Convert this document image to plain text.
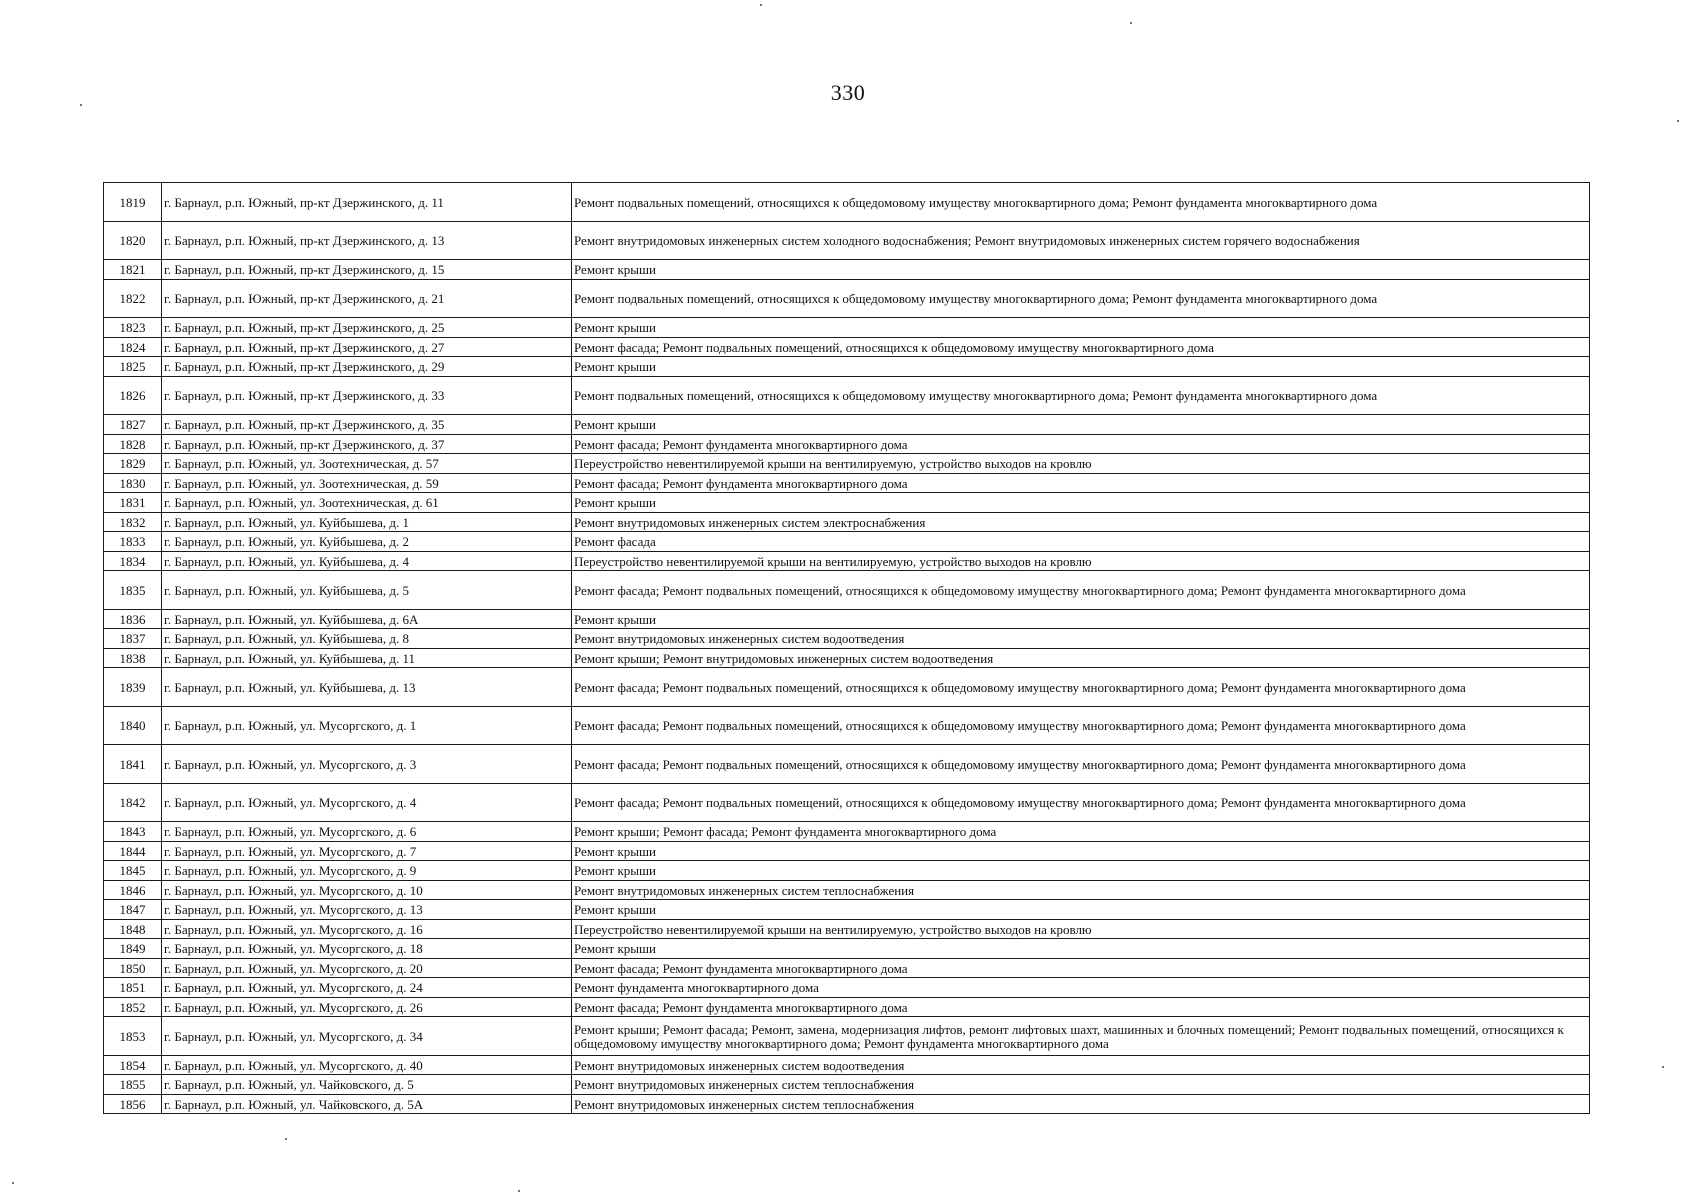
330
1819	г. Барнаул, р.п. Южный, пр-кт Дзержинского, д. 11	Ремонт подвальных помещений, относящихся к общедомовому имуществу многоквартирного дома; Ремонт фундамента многоквартирного дома
1820	г. Барнаул, р.п. Южный, пр-кт Дзержинского, д. 13	Ремонт внутридомовых инженерных систем холодного водоснабжения; Ремонт внутридомовых инженерных систем горячего водоснабжения
1821	г. Барнаул, р.п. Южный, пр-кт Дзержинского, д. 15	Ремонт крыши
1822	г. Барнаул, р.п. Южный, пр-кт Дзержинского, д. 21	Ремонт подвальных помещений, относящихся к общедомовому имуществу многоквартирного дома; Ремонт фундамента многоквартирного дома
1823	г. Барнаул, р.п. Южный, пр-кт Дзержинского, д. 25	Ремонт крыши
1824	г. Барнаул, р.п. Южный, пр-кт Дзержинского, д. 27	Ремонт фасада; Ремонт подвальных помещений, относящихся к общедомовому имуществу многоквартирного дома
1825	г. Барнаул, р.п. Южный, пр-кт Дзержинского, д. 29	Ремонт крыши
1826	г. Барнаул, р.п. Южный, пр-кт Дзержинского, д. 33	Ремонт подвальных помещений, относящихся к общедомовому имуществу многоквартирного дома; Ремонт фундамента многоквартирного дома
1827	г. Барнаул, р.п. Южный, пр-кт Дзержинского, д. 35	Ремонт крыши
1828	г. Барнаул, р.п. Южный, пр-кт Дзержинского, д. 37	Ремонт фасада; Ремонт фундамента многоквартирного дома
1829	г. Барнаул, р.п. Южный, ул. Зоотехническая, д. 57	Переустройство невентилируемой крыши на вентилируемую, устройство выходов на кровлю
1830	г. Барнаул, р.п. Южный, ул. Зоотехническая, д. 59	Ремонт фасада; Ремонт фундамента многоквартирного дома
1831	г. Барнаул, р.п. Южный, ул. Зоотехническая, д. 61	Ремонт крыши
1832	г. Барнаул, р.п. Южный, ул. Куйбышева, д. 1	Ремонт внутридомовых инженерных систем электроснабжения
1833	г. Барнаул, р.п. Южный, ул. Куйбышева, д. 2	Ремонт фасада
1834	г. Барнаул, р.п. Южный, ул. Куйбышева, д. 4	Переустройство невентилируемой крыши на вентилируемую, устройство выходов на кровлю
1835	г. Барнаул, р.п. Южный, ул. Куйбышева, д. 5	Ремонт фасада; Ремонт подвальных помещений, относящихся к общедомовому имуществу многоквартирного дома; Ремонт фундамента многоквартирного дома
1836	г. Барнаул, р.п. Южный, ул. Куйбышева, д. 6А	Ремонт крыши
1837	г. Барнаул, р.п. Южный, ул. Куйбышева, д. 8	Ремонт внутридомовых инженерных систем водоотведения
1838	г. Барнаул, р.п. Южный, ул. Куйбышева, д. 11	Ремонт крыши; Ремонт внутридомовых инженерных систем водоотведения
1839	г. Барнаул, р.п. Южный, ул. Куйбышева, д. 13	Ремонт фасада; Ремонт подвальных помещений, относящихся к общедомовому имуществу многоквартирного дома; Ремонт фундамента многоквартирного дома
1840	г. Барнаул, р.п. Южный, ул. Мусоргского, д. 1	Ремонт фасада; Ремонт подвальных помещений, относящихся к общедомовому имуществу многоквартирного дома; Ремонт фундамента многоквартирного дома
1841	г. Барнаул, р.п. Южный, ул. Мусоргского, д. 3	Ремонт фасада; Ремонт подвальных помещений, относящихся к общедомовому имуществу многоквартирного дома; Ремонт фундамента многоквартирного дома
1842	г. Барнаул, р.п. Южный, ул. Мусоргского, д. 4	Ремонт фасада; Ремонт подвальных помещений, относящихся к общедомовому имуществу многоквартирного дома; Ремонт фундамента многоквартирного дома
1843	г. Барнаул, р.п. Южный, ул. Мусоргского, д. 6	Ремонт крыши; Ремонт фасада; Ремонт фундамента многоквартирного дома
1844	г. Барнаул, р.п. Южный, ул. Мусоргского, д. 7	Ремонт крыши
1845	г. Барнаул, р.п. Южный, ул. Мусоргского, д. 9	Ремонт крыши
1846	г. Барнаул, р.п. Южный, ул. Мусоргского, д. 10	Ремонт внутридомовых инженерных систем теплоснабжения
1847	г. Барнаул, р.п. Южный, ул. Мусоргского, д. 13	Ремонт крыши
1848	г. Барнаул, р.п. Южный, ул. Мусоргского, д. 16	Переустройство невентилируемой крыши на вентилируемую, устройство выходов на кровлю
1849	г. Барнаул, р.п. Южный, ул. Мусоргского, д. 18	Ремонт крыши
1850	г. Барнаул, р.п. Южный, ул. Мусоргского, д. 20	Ремонт фасада; Ремонт фундамента многоквартирного дома
1851	г. Барнаул, р.п. Южный, ул. Мусоргского, д. 24	Ремонт фундамента многоквартирного дома
1852	г. Барнаул, р.п. Южный, ул. Мусоргского, д. 26	Ремонт фасада; Ремонт фундамента многоквартирного дома
1853	г. Барнаул, р.п. Южный, ул. Мусоргского, д. 34	Ремонт крыши; Ремонт фасада; Ремонт, замена, модернизация лифтов, ремонт лифтовых шахт, машинных и блочных помещений; Ремонт подвальных помещений, относящихся к общедомовому имуществу многоквартирного дома; Ремонт фундамента многоквартирного дома
1854	г. Барнаул, р.п. Южный, ул. Мусоргского, д. 40	Ремонт внутридомовых инженерных систем водоотведения
1855	г. Барнаул, р.п. Южный, ул. Чайковского, д. 5	Ремонт внутридомовых инженерных систем теплоснабжения
1856	г. Барнаул, р.п. Южный, ул. Чайковского, д. 5А	Ремонт внутридомовых инженерных систем теплоснабжения
